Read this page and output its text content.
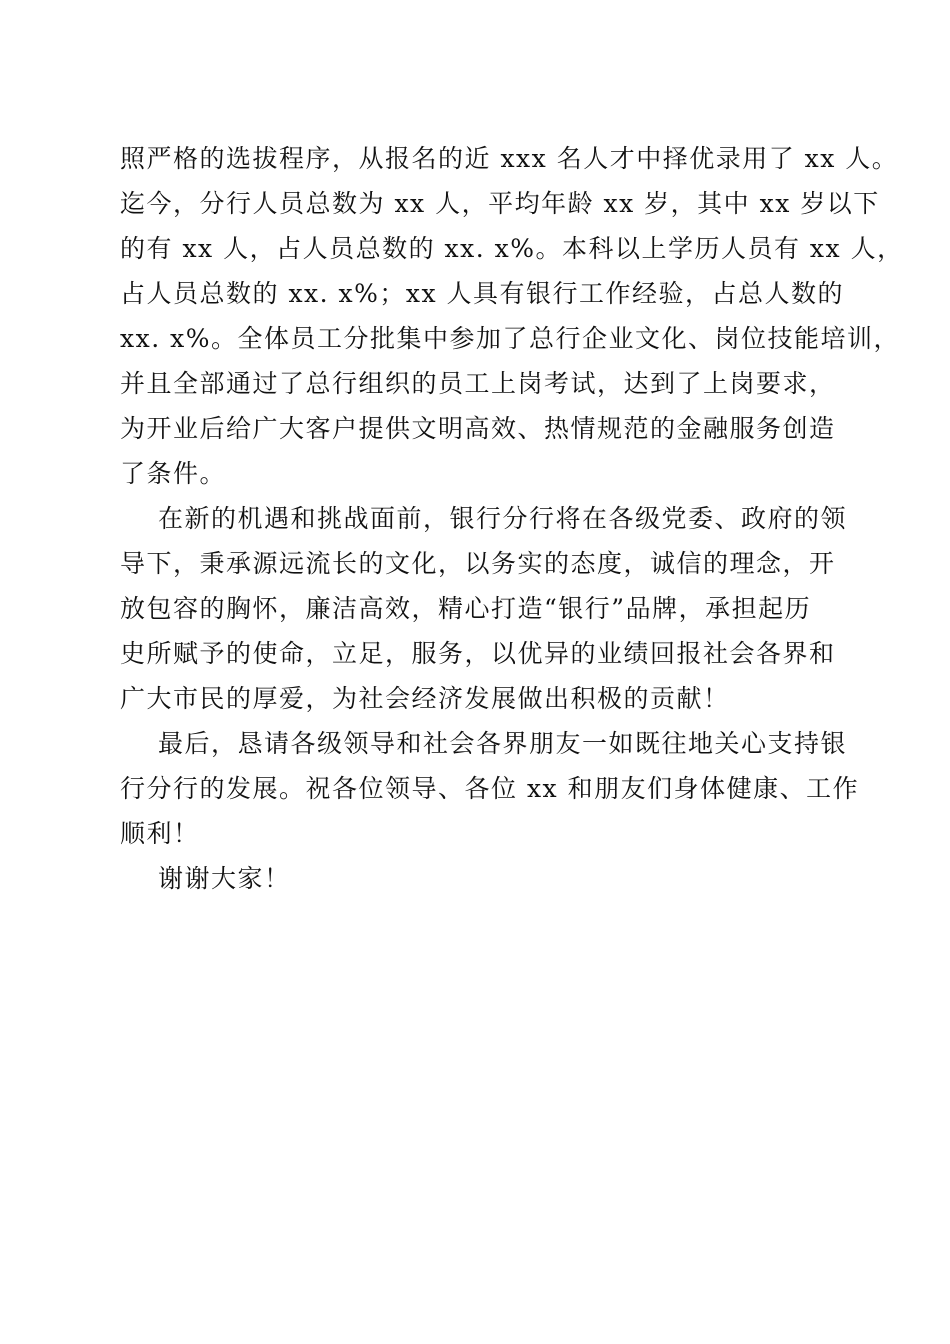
照严格的选拔程序，从报名的近 xxx 名人才中择优录用了 xx 人。
迄今，分行人员总数为 xx 人，平均年龄 xx 岁，其中 xx 岁以下
的有 xx 人，占人员总数的 xx. x%。本科以上学历人员有 xx 人，
占人员总数的 xx. x%；xx 人具有银行工作经验，占总人数的
xx. x%。全体员工分批集中参加了总行企业文化、岗位技能培训，
并且全部通过了总行组织的员工上岗考试，达到了上岗要求，
为开业后给广大客户提供文明高效、热情规范的金融服务创造
了条件。
在新的机遇和挑战面前，银行分行将在各级党委、政府的领
导下，秉承源远流长的文化，以务实的态度，诚信的理念，开
放包容的胸怀，廉洁高效，精心打造“银行”品牌，承担起历
史所赋予的使命，立足，服务，以优异的业绩回报社会各界和
广大市民的厚爱，为社会经济发展做出积极的贡献！
最后，恳请各级领导和社会各界朋友一如既往地关心支持银
行分行的发展。祝各位领导、各位 xx 和朋友们身体健康、工作
顺利！
谢谢大家！
